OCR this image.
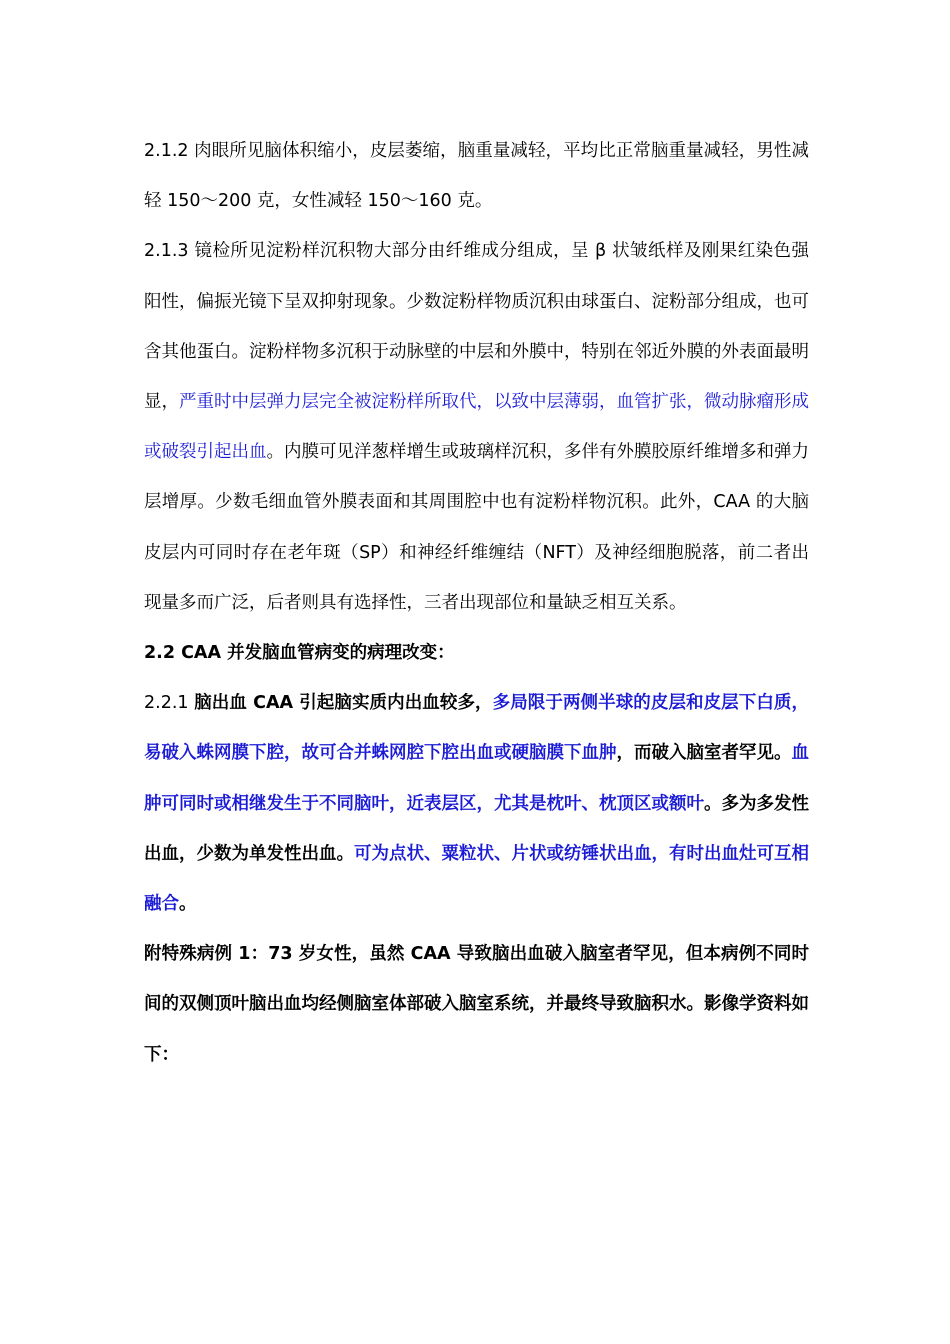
2.1.2 肉眼所见脑体积缩小，皮层萎缩，脑重量减轻，平均比正常脑重量减轻，男性减轻 150～200 克，女性减轻 150～160 克。

2.1.3 镜检所见淀粉样沉积物大部分由纤维成分组成，呈 β 状皱纸样及刚果红染色强阳性，偏振光镜下呈双抑射现象。少数淀粉样物质沉积由球蛋白、淀粉部分组成，也可含其他蛋白。淀粉样物多沉积于动脉壁的中层和外膜中，特别在邻近外膜的外表面最明显，严重时中层弹力层完全被淀粉样所取代，以致中层薄弱，血管扩张，微动脉瘤形成或破裂引起出血。内膜可见洋葱样增生或玻璃样沉积，多伴有外膜胶原纤维增多和弹力层增厚。少数毛细血管外膜表面和其周围腔中也有淀粉样物沉积。此外，CAA 的大脑皮层内可同时存在老年斑（SP）和神经纤维缠结（NFT）及神经细胞脱落，前二者出现量多而广泛，后者则具有选择性，三者出现部位和量缺乏相互关系。

2.2 CAA 并发脑血管病变的病理改变：

2.2.1 脑出血 CAA 引起脑实质内出血较多，多局限于两侧半球的皮层和皮层下白质，易破入蛛网膜下腔，故可合并蛛网腔下腔出血或硬脑膜下血肿，而破入脑室者罕见。血肿可同时或相继发生于不同脑叶，近表层区，尤其是枕叶、枕顶区或额叶。多为多发性出血，少数为单发性出血。可为点状、粟粒状、片状或纺锤状出血，有时出血灶可互相融合。

附特殊病例 1：73 岁女性，虽然 CAA 导致脑出血破入脑室者罕见，但本病例不同时间的双侧顶叶脑出血均经侧脑室体部破入脑室系统，并最终导致脑积水。影像学资料如下：
